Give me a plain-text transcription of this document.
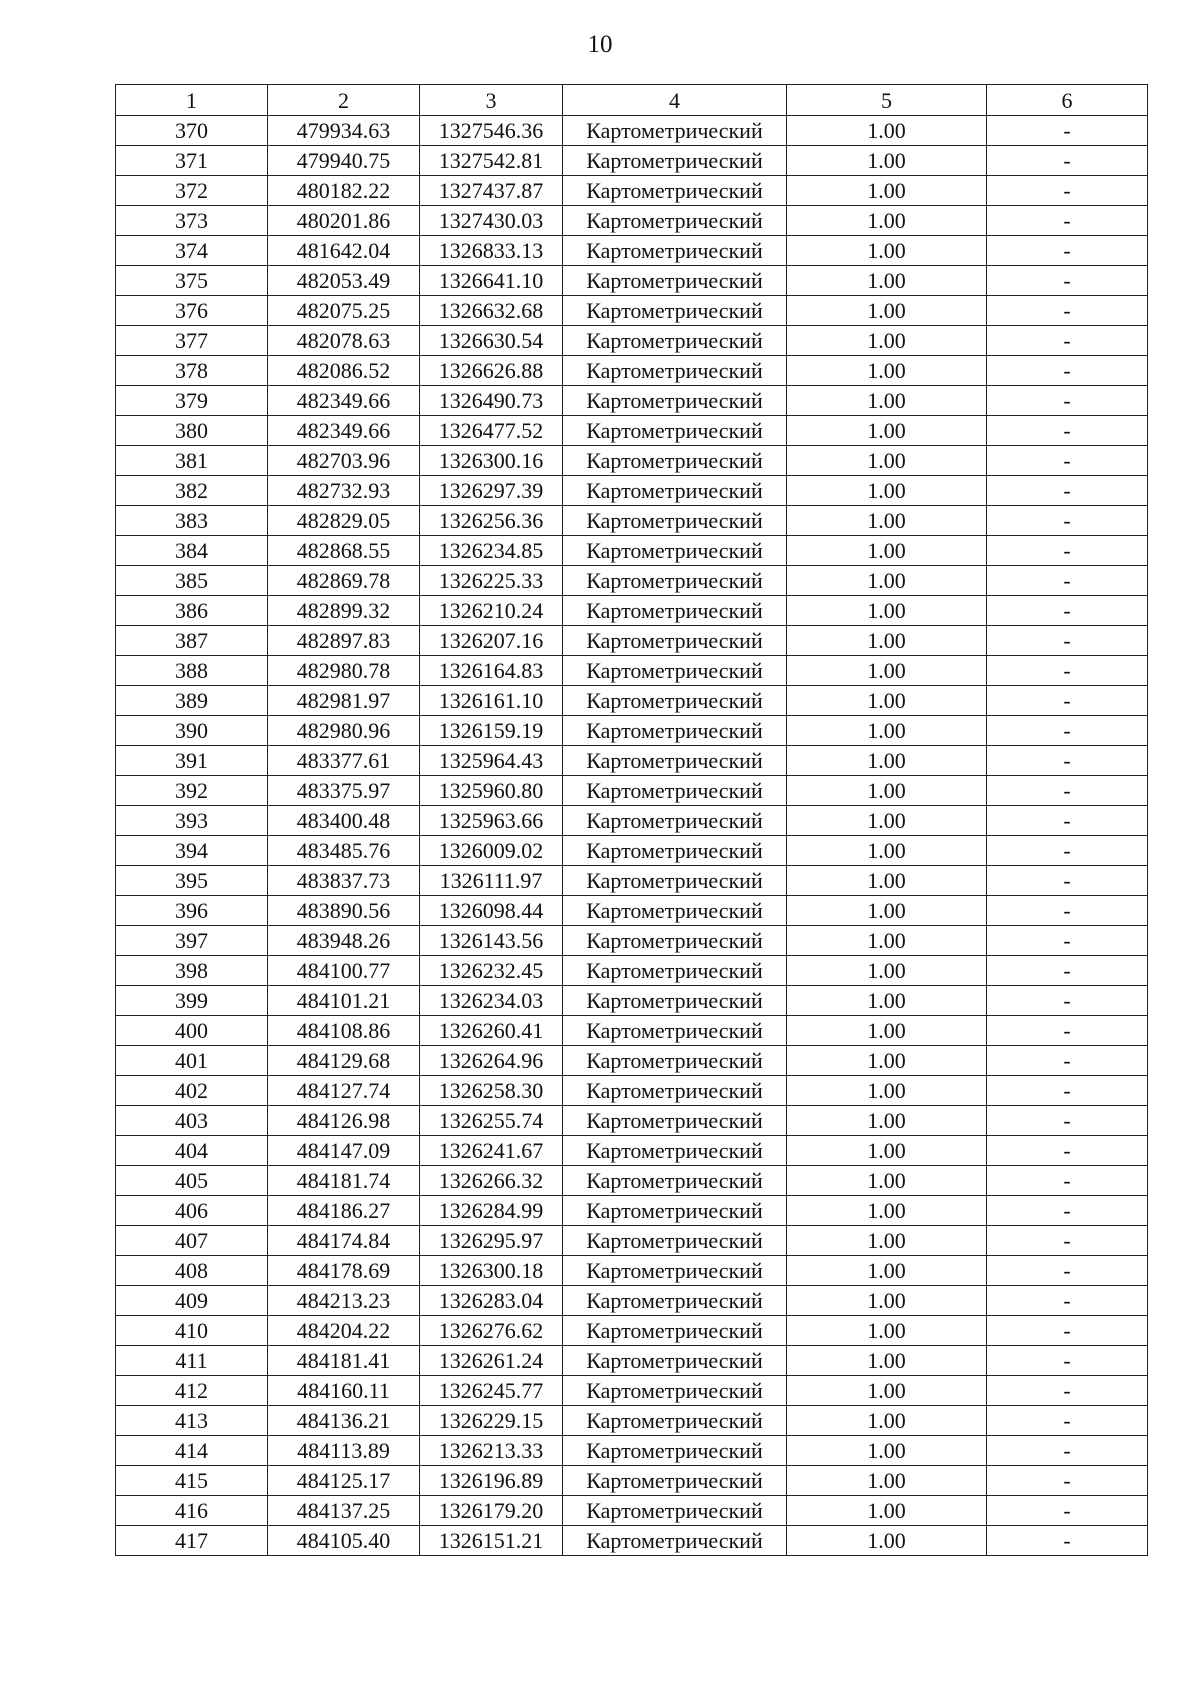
10
1	2	3	4	5	6
370	479934.63	1327546.36	Картометрический	1.00	-
371	479940.75	1327542.81	Картометрический	1.00	-
372	480182.22	1327437.87	Картометрический	1.00	-
373	480201.86	1327430.03	Картометрический	1.00	-
374	481642.04	1326833.13	Картометрический	1.00	-
375	482053.49	1326641.10	Картометрический	1.00	-
376	482075.25	1326632.68	Картометрический	1.00	-
377	482078.63	1326630.54	Картометрический	1.00	-
378	482086.52	1326626.88	Картометрический	1.00	-
379	482349.66	1326490.73	Картометрический	1.00	-
380	482349.66	1326477.52	Картометрический	1.00	-
381	482703.96	1326300.16	Картометрический	1.00	-
382	482732.93	1326297.39	Картометрический	1.00	-
383	482829.05	1326256.36	Картометрический	1.00	-
384	482868.55	1326234.85	Картометрический	1.00	-
385	482869.78	1326225.33	Картометрический	1.00	-
386	482899.32	1326210.24	Картометрический	1.00	-
387	482897.83	1326207.16	Картометрический	1.00	-
388	482980.78	1326164.83	Картометрический	1.00	-
389	482981.97	1326161.10	Картометрический	1.00	-
390	482980.96	1326159.19	Картометрический	1.00	-
391	483377.61	1325964.43	Картометрический	1.00	-
392	483375.97	1325960.80	Картометрический	1.00	-
393	483400.48	1325963.66	Картометрический	1.00	-
394	483485.76	1326009.02	Картометрический	1.00	-
395	483837.73	1326111.97	Картометрический	1.00	-
396	483890.56	1326098.44	Картометрический	1.00	-
397	483948.26	1326143.56	Картометрический	1.00	-
398	484100.77	1326232.45	Картометрический	1.00	-
399	484101.21	1326234.03	Картометрический	1.00	-
400	484108.86	1326260.41	Картометрический	1.00	-
401	484129.68	1326264.96	Картометрический	1.00	-
402	484127.74	1326258.30	Картометрический	1.00	-
403	484126.98	1326255.74	Картометрический	1.00	-
404	484147.09	1326241.67	Картометрический	1.00	-
405	484181.74	1326266.32	Картометрический	1.00	-
406	484186.27	1326284.99	Картометрический	1.00	-
407	484174.84	1326295.97	Картометрический	1.00	-
408	484178.69	1326300.18	Картометрический	1.00	-
409	484213.23	1326283.04	Картометрический	1.00	-
410	484204.22	1326276.62	Картометрический	1.00	-
411	484181.41	1326261.24	Картометрический	1.00	-
412	484160.11	1326245.77	Картометрический	1.00	-
413	484136.21	1326229.15	Картометрический	1.00	-
414	484113.89	1326213.33	Картометрический	1.00	-
415	484125.17	1326196.89	Картометрический	1.00	-
416	484137.25	1326179.20	Картометрический	1.00	-
417	484105.40	1326151.21	Картометрический	1.00	-
